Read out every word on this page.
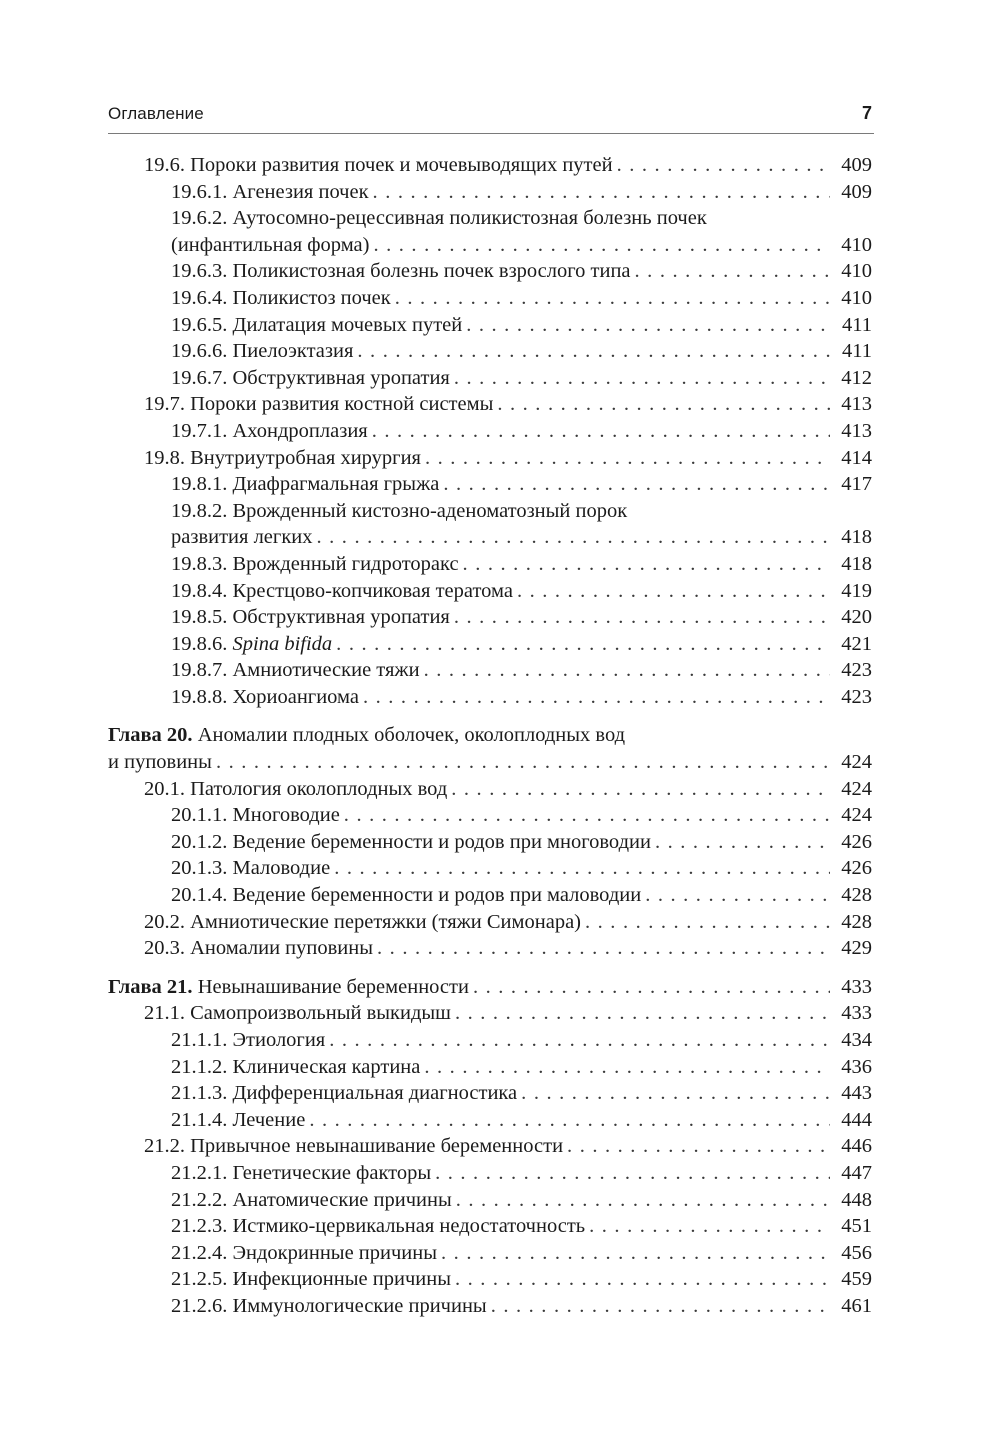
Оглавление	7
19.6. Пороки развития почек и мочевыводящих путей . . .	409
19.6.1. Агенезия почек . . .	409
19.6.2. Аутосомно-рецессивная поликистозная болезнь почек
(инфантильная форма) . . .	410
19.6.3. Поликистозная болезнь почек взрослого типа . . .	410
19.6.4. Поликистоз почек . . .	410
19.6.5. Дилатация мочевых путей . . .	411
19.6.6. Пиелоэктазия . . .	411
19.6.7. Обструктивная уропатия . . .	412
19.7. Пороки развития костной системы . . .	413
19.7.1. Ахондроплазия . . .	413
19.8. Внутриутробная хирургия . . .	414
19.8.1. Диафрагмальная грыжа . . .	417
19.8.2. Врожденный кистозно-аденоматозный порок
развития легких . . .	418
19.8.3. Врожденный гидроторакс . . .	418
19.8.4. Крестцово-копчиковая тератома . . .	419
19.8.5. Обструктивная уропатия . . .	420
19.8.6. Spina bifida . . .	421
19.8.7. Амниотические тяжи . . .	423
19.8.8. Хориоангиома . . .	423
Глава 20. Аномалии плодных оболочек, околоплодных вод
и пуповины . . .	424
20.1. Патология околоплодных вод . . .	424
20.1.1. Многоводие . . .	424
20.1.2. Ведение беременности и родов при многоводии . . .	426
20.1.3. Маловодие . . .	426
20.1.4. Ведение беременности и родов при маловодии . . .	428
20.2. Амниотические перетяжки (тяжи Симонара) . . .	428
20.3. Аномалии пуповины . . .	429
Глава 21. Невынашивание беременности . . .	433
21.1. Самопроизвольный выкидыш . . .	433
21.1.1. Этиология . . .	434
21.1.2. Клиническая картина . . .	436
21.1.3. Дифференциальная диагностика . . .	443
21.1.4. Лечение . . .	444
21.2. Привычное невынашивание беременности . . .	446
21.2.1. Генетические факторы . . .	447
21.2.2. Анатомические причины . . .	448
21.2.3. Истмико-цервикальная недостаточность . . .	451
21.2.4. Эндокринные причины . . .	456
21.2.5. Инфекционные причины . . .	459
21.2.6. Иммунологические причины . . .	461
